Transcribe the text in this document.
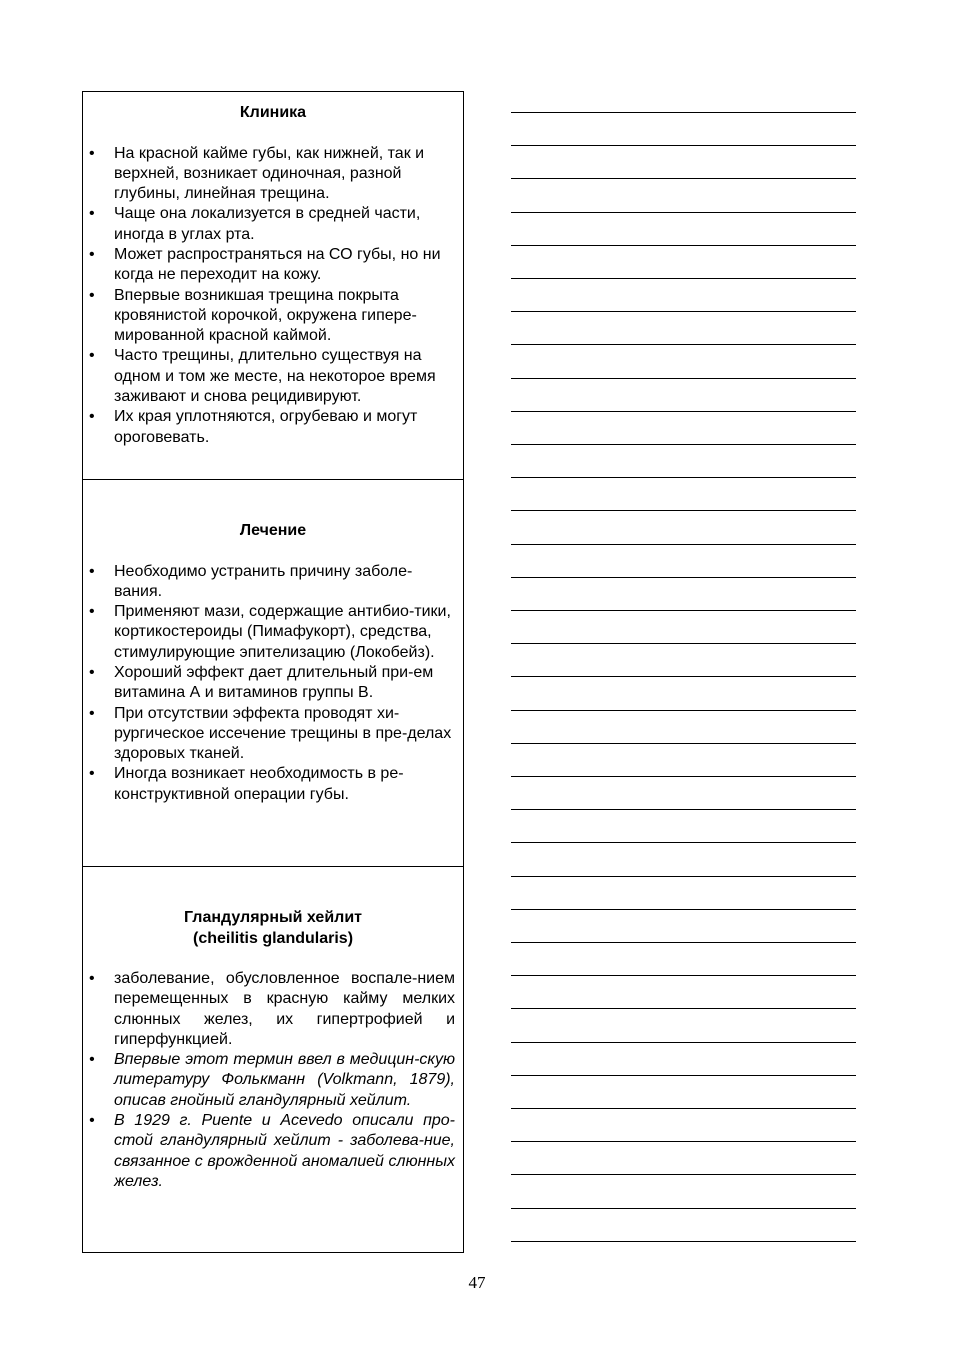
Клиника
• На красной кайме губы, как нижней, так и верхней, возникает одиночная, разной глубины, линейная трещина.
• Чаще она локализуется в средней части, иногда в углах рта.
• Может распространяться на СО губы, но ни
когда не переходит на кожу.
• Впервые возникшая трещина покрыта кровянистой корочкой, окружена гипере-мированной красной каймой.
• Часто трещины, длительно существуя на одном и том же месте, на некоторое время заживают и снова рецидивируют.
• Их края уплотняются, огрубеваю и могут ороговевать.
Лечение
• Необходимо устранить причину заболе-вания.
• Применяют мази, содержащие антибио-тики, кортикостероиды (Пимафукорт), средства, стимулирующие эпителизацию (Локобейз).
• Хороший эффект дает длительный при-ем витамина А и витаминов группы В.
• При отсутствии эффекта проводят хи-рургическое иссечение трещины в пре-делах здоровых тканей.
• Иногда возникает необходимость в ре-конструктивной операции губы.
Гландулярный хейлит
(cheilitis glandularis)
• заболевание, обусловленное воспале-нием перемещенных в красную кайму мелких слюнных желез, их гипертрофией и гиперфункцией.
• Впервые этот термин ввел в медицин-скую литературу Фолькманн (Volkmann, 1879), описав гнойный гландулярный хейлит.
• В 1929 г. Puente и Acevedo описали про-стой гландулярный хейлит - заболева-ние, связанное с врожденной аномалией слюнных желез.
47
